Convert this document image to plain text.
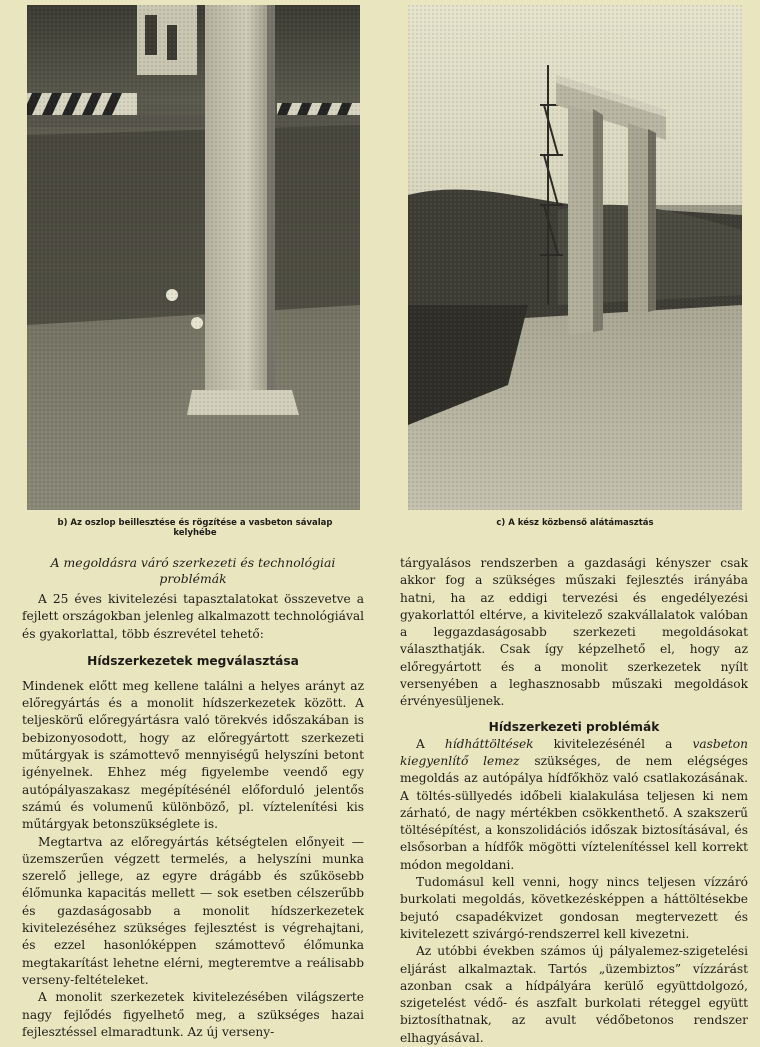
b) Az oszlop beillesztése és rögzítése a vasbeton sávalap kelyhébe
c) A kész közbenső alátámasztás
A megoldásra váró szerkezeti és technológiai problémák

A 25 éves kivitelezési tapasztalatokat összevetve a fejlett országokban jelenleg alkalmazott technológiával és gyakorlattal, több észrevétel tehető:

Hídszerkezetek megválasztása

Mindenek előtt meg kellene találni a helyes arányt az előregyártás és a monolit hídszerkezetek között. A teljeskörű előregyártásra való törekvés időszakában is bebizonyosodott, hogy az előregyártott szerkezeti műtárgyak is számottevő mennyiségű helyszíni betont igényelnek. Ehhez még figyelembe veendő egy autópályaszakasz megépítésénél előforduló jelentős számú és volumenű különböző, pl. víztelenítési kis műtárgyak betonszükséglete is.

Megtartva az előregyártás kétségtelen előnyeit — üzemszerűen végzett termelés, a helyszíni munka szerelő jellege, az egyre drágább és szűkösebb élőmunka kapacitás mellett — sok esetben célszerűbb és gazdaságosabb a monolit hídszerkezetek kivitelezéséhez szükséges fejlesztést is végrehajtani, és ezzel hasonlóképpen számottevő élőmunka megtakarítást lehetne elérni, megteremtve a reálisabb verseny-feltételeket.

A monolit szerkezetek kivitelezésében világszerte nagy fejlődés figyelhető meg, a szükséges hazai fejlesztéssel elmaradtunk. Az új verseny-

tárgyalásos rendszerben a gazdasági kényszer csak akkor fog a szükséges műszaki fejlesztés irányába hatni, ha az eddigi tervezési és engedélyezési gyakorlattól eltérve, a kivitelező szakvállalatok valóban a leggazdaságosabb szerkezeti megoldásokat választhatják. Csak így képzelhető el, hogy az előregyártott és a monolit szerkezetek nyílt versenyében a leghasznosabb műszaki megoldások érvényesüljenek.

Hídszerkezeti problémák

A hídháttöltések kivitelezésénél a vasbeton kiegyenlítő lemez szükséges, de nem elégséges megoldás az autópálya hídfőkhöz való csatlakozásának. A töltés-süllyedés időbeli kialakulása teljesen ki nem zárható, de nagy mértékben csökkenthető. A szakszerű töltésépítést, a konszolidációs időszak biztosításával, és elsősorban a hídfők mögötti víztelenítéssel kell korrekt módon megoldani.

Tudomásul kell venni, hogy nincs teljesen vízzáró burkolati megoldás, következésképpen a háttöltésekbe bejutó csapadékvizet gondosan megtervezett és kivitelezett szivárgó-rendszerrel kell kivezetni.

Az utóbbi években számos új pályalemez-szigetelési eljárást alkalmaztak. Tartós „üzembiztos” vízzárást azonban csak a hídpályára kerülő együttdolgozó, szigetelést védő- és aszfalt burkolati réteggel együtt biztosíthatnak, az avult védőbetonos rendszer elhagyásával.
